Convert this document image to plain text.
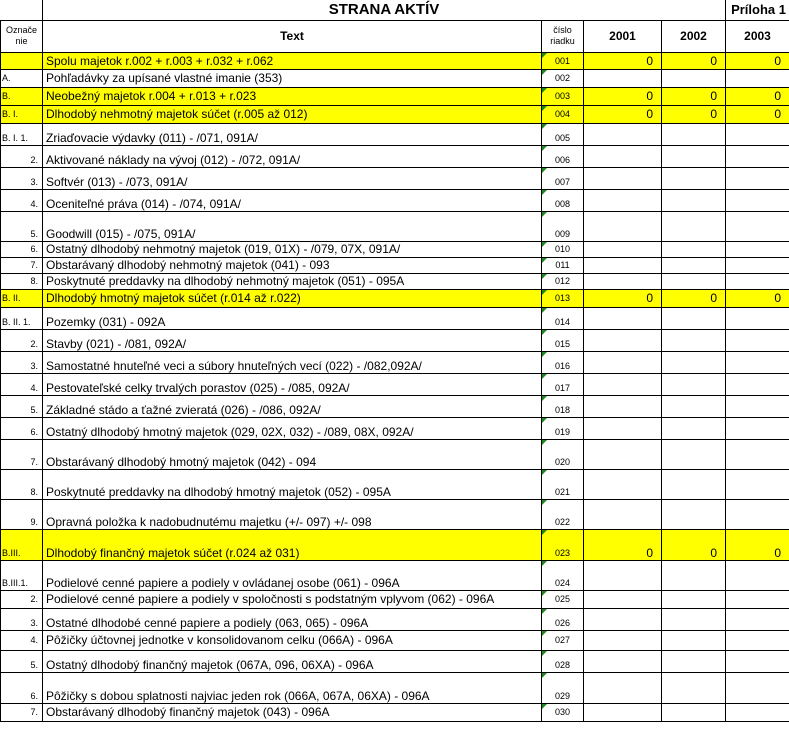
	STRANA AKTÍV				Príloha 1
Označe nie	Text	číslo riadku	2001	2002	2003
	Spolu majetok r.002 + r.003 + r.032 + r.062	001	0	0	0
A.	Pohľadávky za upísané vlastné imanie (353)	002			
B.	Neobežný majetok r.004 + r.013 + r.023	003	0	0	0
B. I.	Dlhodobý nehmotný majetok súčet (r.005 až 012)	004	0	0	0
B. I. 1.	Zriaďovacie výdavky (011) - /071, 091A/	005			
2.	Aktivované náklady na vývoj (012) - /072, 091A/	006			
3.	Softvér (013) - /073, 091A/	007			
4.	Oceniteľné práva (014) - /074, 091A/	008			
5.	Goodwill (015) - /075, 091A/	009			
6.	Ostatný dlhodobý nehmotný majetok (019, 01X) - /079, 07X, 091A/	010			
7.	Obstarávaný dlhodobý nehmotný majetok (041) - 093	011			
8.	Poskytnuté preddavky na dlhodobý nehmotný majetok (051) - 095A	012			
B. II.	Dlhodobý hmotný majetok súčet (r.014 až r.022)	013	0	0	0
B. II. 1.	Pozemky (031) - 092A	014			
2.	Stavby (021) - /081, 092A/	015			
3.	Samostatné hnuteľné veci a súbory hnuteľných vecí (022) - /082,092A/	016			
4.	Pestovateľské celky trvalých porastov (025) - /085, 092A/	017			
5.	Základné stádo a ťažné zvieratá (026) - /086, 092A/	018			
6.	Ostatný dlhodobý hmotný majetok (029, 02X, 032) - /089, 08X, 092A/	019			
7.	Obstarávaný dlhodobý hmotný majetok (042) - 094	020			
8.	Poskytnuté preddavky na dlhodobý hmotný majetok (052) - 095A	021			
9.	Opravná položka k nadobudnutému majetku (+/- 097) +/- 098	022			
B.III.	Dlhodobý finančný majetok súčet (r.024 až 031)	023	0	0	0
B.III.1.	Podielové cenné papiere a podiely v ovládanej osobe (061) - 096A	024			
2.	Podielové cenné papiere a podiely v spoločnosti s podstatným vplyvom (062) - 096A	025			
3.	Ostatné dlhodobé cenné papiere a podiely (063, 065) - 096A	026			
4.	Pôžičky účtovnej jednotke v konsolidovanom celku (066A) - 096A	027			
5.	Ostatný dlhodobý finančný majetok (067A, 096, 06XA) - 096A	028			
6.	Pôžičky s dobou splatnosti najviac jeden rok (066A, 067A, 06XA) - 096A	029			
7.	Obstarávaný dlhodobý finančný majetok (043) - 096A	030			
